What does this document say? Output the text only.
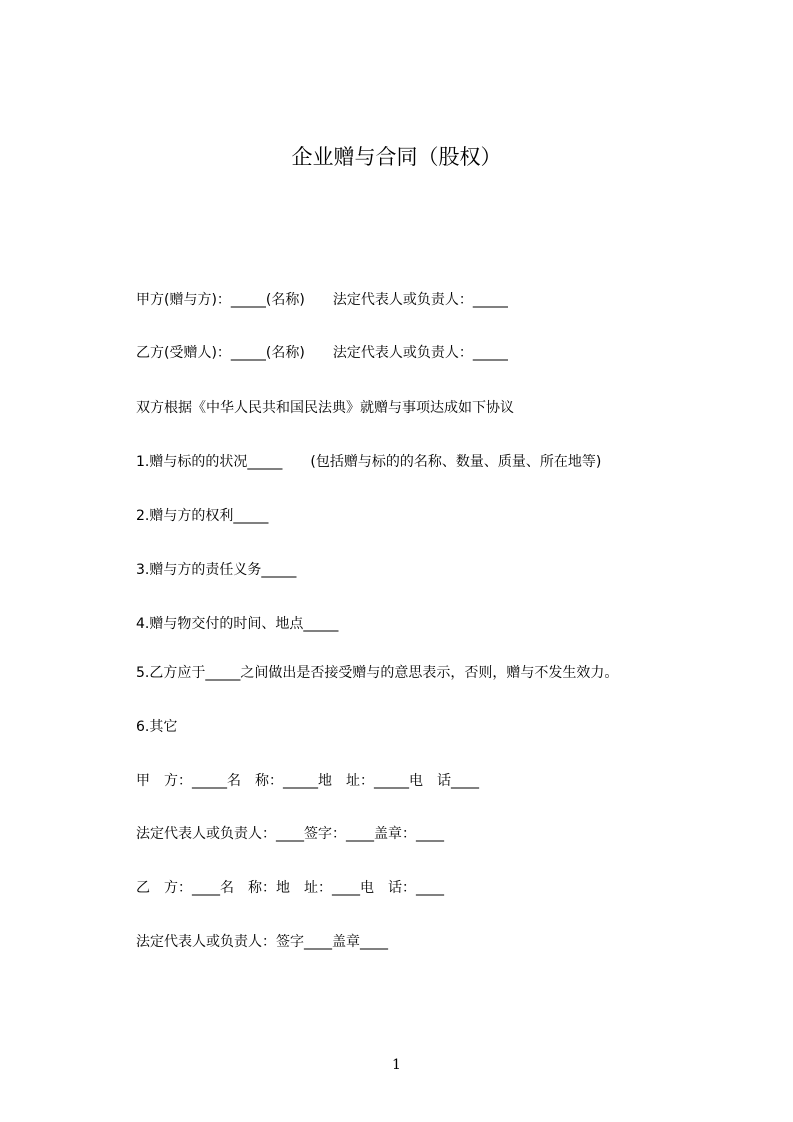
企业赠与合同（股权）
甲方(赠与方)：_____(名称)　　法定代表人或负责人：_____
乙方(受赠人)：_____(名称)　　法定代表人或负责人：_____
双方根据《中华人民共和国民法典》就赠与事项达成如下协议
1.赠与标的的状况_____　　(包括赠与标的的名称、数量、质量、所在地等)
2.赠与方的权利_____
3.赠与方的责任义务_____
4.赠与物交付的时间、地点_____
5.乙方应于_____之间做出是否接受赠与的意思表示，否则，赠与不发生效力。
6.其它
甲　方：_____名　称：_____地　址：_____电　话____
法定代表人或负责人：____签字：____盖章：____
乙　方：____名　称：地　址：____电　话：____
法定代表人或负责人：签字____盖章____
1
